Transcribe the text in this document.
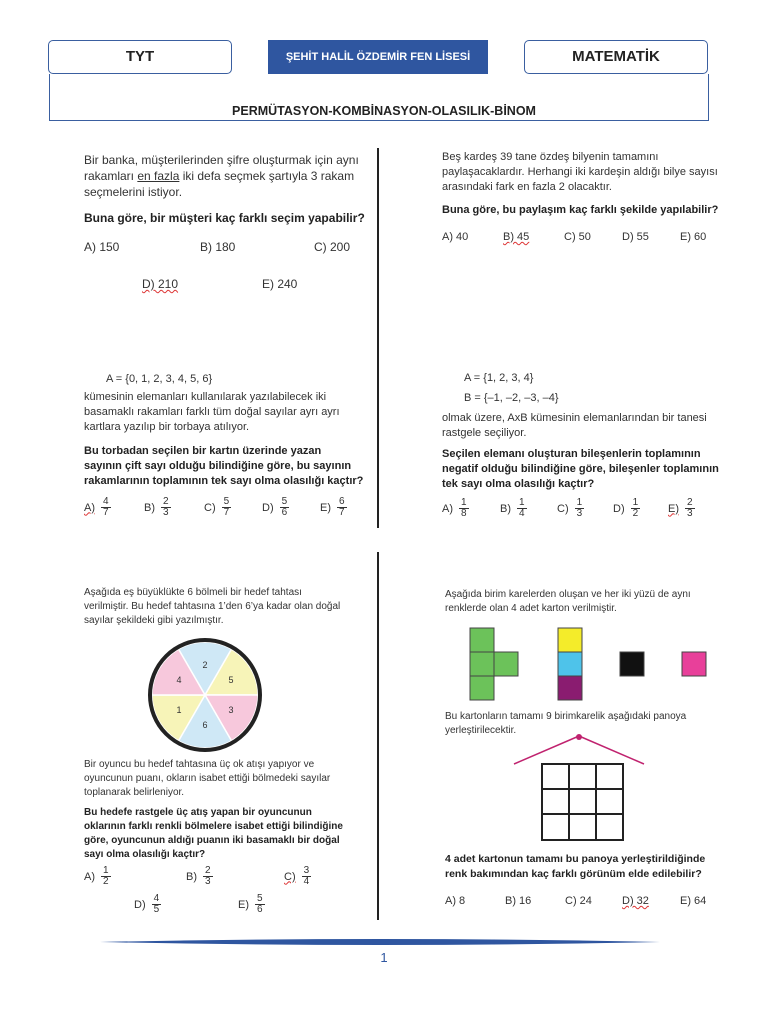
TYT	ŞEHİT HALİL ÖZDEMİR FEN LİSESİ	MATEMATİK
PERMÜTASYON-KOMBİNASYON-OLASILIK-BİNOM
Bir banka, müşterilerinden şifre oluşturmak için aynı
rakamları en fazla iki defa seçmek şartıyla 3 rakam
seçmelerini istiyor.
Buna göre, bir müşteri kaç farklı seçim yapabilir?
A) 150	B) 180	C) 200
D) 210	E) 240
Beş kardeş 39 tane özdeş bilyenin tamamını
paylaşacaklardır. Herhangi iki kardeşin aldığı bilye sayısı
arasındaki fark en fazla 2 olacaktır.
Buna göre, bu paylaşım kaç farklı şekilde yapılabilir?
A) 40	B) 45	C) 50	D) 55	E) 60
A = {0, 1, 2, 3, 4, 5, 6}
kümesinin elemanları kullanılarak yazılabilecek iki
basamaklı rakamları farklı tüm doğal sayılar ayrı ayrı
kartlara yazılıp bir torbaya atılıyor.
Bu torbadan seçilen bir kartın üzerinde yazan
sayının çift sayı olduğu bilindiğine göre, bu sayının
rakamlarının toplamının tek sayı olma olasılığı kaçtır?
$A) \frac{4}{7}$	$B) \frac{2}{3}$	$C) \frac{5}{7}$	$D) \frac{5}{6}$	$E) \frac{6}{7}$
A = {1, 2, 3, 4}
B = {–1, –2, –3, –4}
olmak üzere, AxB kümesinin elemanlarından bir tanesi
rastgele seçiliyor.
Seçilen elemanı oluşturan bileşenlerin toplamının
negatif olduğu bilindiğine göre, bileşenler toplamının
tek sayı olma olasılığı kaçtır?
$A) \frac{1}{8}$	$B) \frac{1}{4}$	$C) \frac{1}{3}$	$D) \frac{1}{2}$	$E) \frac{2}{3}$
Aşağıda eş büyüklükte 6 bölmeli bir hedef tahtası
verilmiştir. Bu hedef tahtasına 1’den 6’ya kadar olan doğal
sayılar şekildeki gibi yazılmıştır.
2
5
3
6
1
4
Bir oyuncu bu hedef tahtasına üç ok atışı yapıyor ve
oyuncunun puanı, okların isabet ettiği bölmedeki sayılar
toplanarak belirleniyor.
Bu hedefe rastgele üç atış yapan bir oyuncunun
oklarının farklı renkli bölmelere isabet ettiği bilindiğine
göre, oyuncunun aldığı puanın iki basamaklı bir doğal
sayı olma olasılığı kaçtır?
$A) \frac{1}{2}$	$B) \frac{2}{3}$	$C) \frac{3}{4}$
$D) \frac{4}{5}$	$E) \frac{5}{6}$
Aşağıda birim karelerden oluşan ve her iki yüzü de aynı
renklerde olan 4 adet karton verilmiştir.
Bu kartonların tamamı 9 birimkarelik aşağıdaki panoya
yerleştirilecektir.
4 adet kartonun tamamı bu panoya yerleştirildiğinde
renk bakımından kaç farklı görünüm elde edilebilir?
A) 8	B) 16	C) 24	D) 32	E) 64
1
